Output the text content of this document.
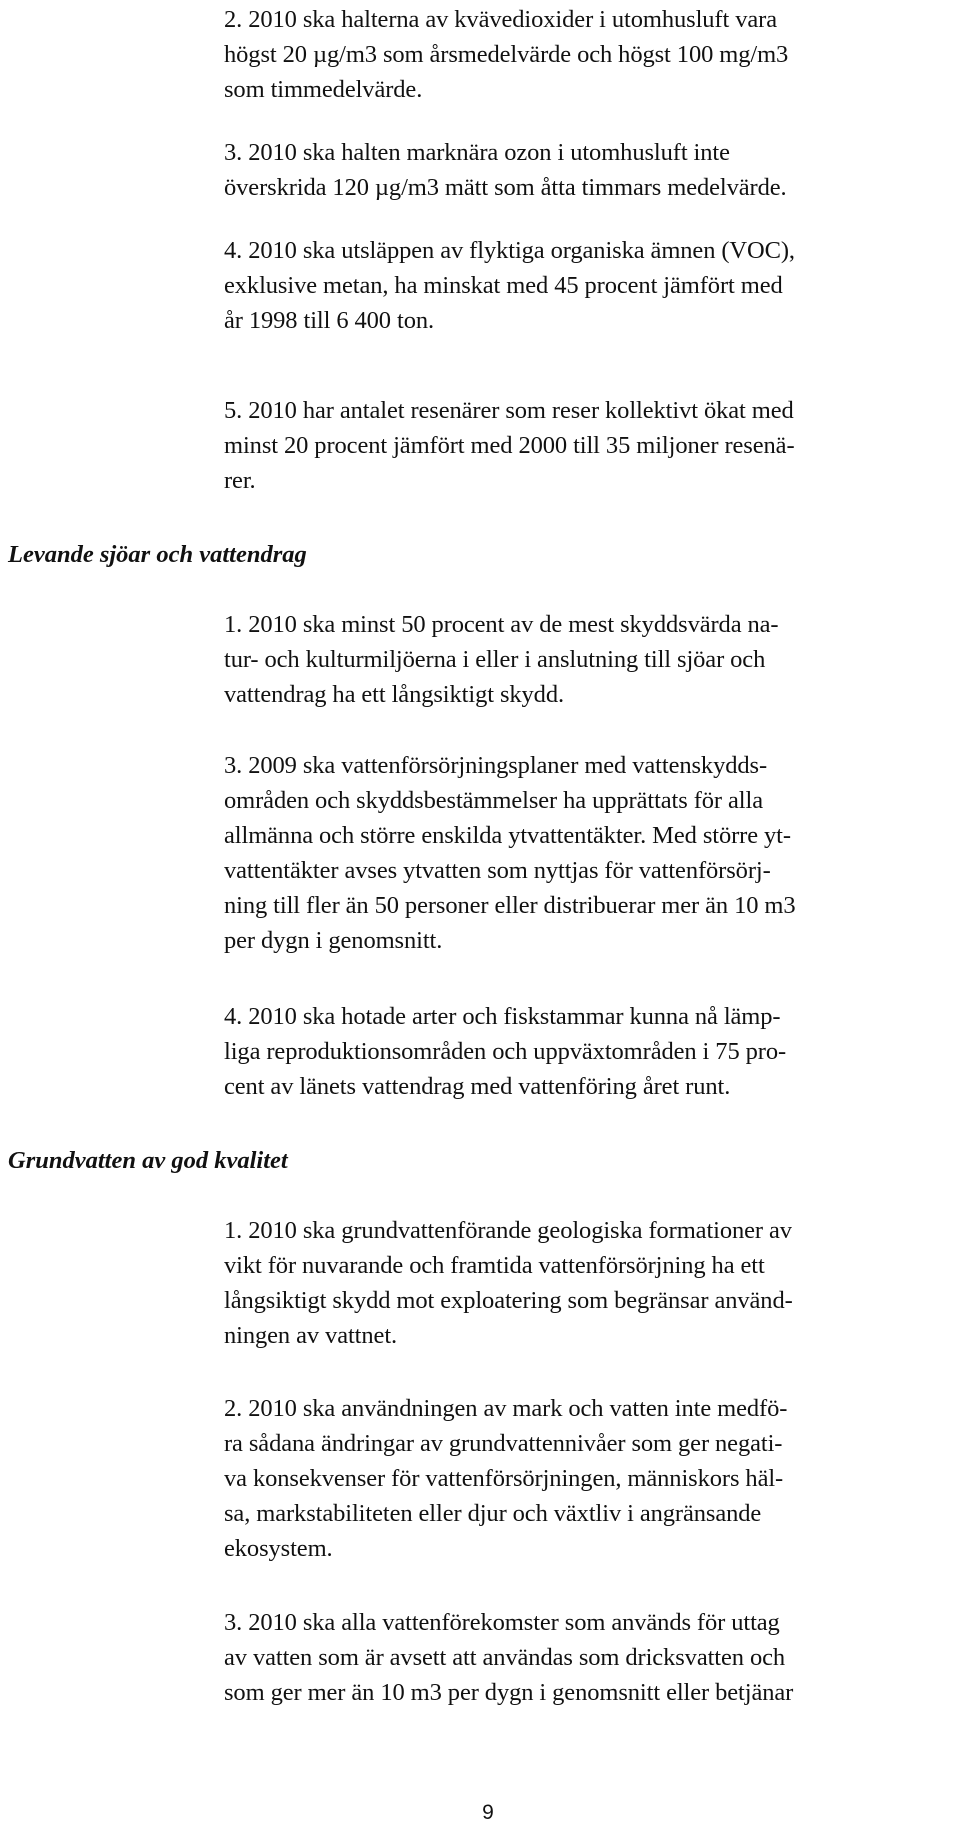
2. 2010 ska halterna av kvävedioxider i utomhusluft vara
högst 20 µg/m3 som årsmedelvärde och högst 100 mg/m3
som timmedelvärde.
3. 2010 ska halten marknära ozon i utomhusluft inte
överskrida 120 µg/m3 mätt som åtta timmars medelvärde.
4. 2010 ska utsläppen av flyktiga organiska ämnen (VOC),
exklusive metan, ha minskat med 45 procent jämfört med
år 1998 till 6 400 ton.
5. 2010 har antalet resenärer som reser kollektivt ökat med
minst 20 procent jämfört med 2000 till 35 miljoner resenä-
rer.
Levande sjöar och vattendrag
1. 2010 ska minst 50 procent av de mest skyddsvärda na-
tur- och kulturmiljöerna i eller i anslutning till sjöar och
vattendrag ha ett långsiktigt skydd.
3. 2009 ska vattenförsörjningsplaner med vattenskydds-
områden och skyddsbestämmelser ha upprättats för alla
allmänna och större enskilda ytvattentäkter. Med större yt-
vattentäkter avses ytvatten som nyttjas för vattenförsörj-
ning till fler än 50 personer eller distribuerar mer än 10 m3
per dygn i genomsnitt.
4. 2010 ska hotade arter och fiskstammar kunna nå lämp-
liga reproduktionsområden och uppväxtområden i 75 pro-
cent av länets vattendrag med vattenföring året runt.
Grundvatten av god kvalitet
1. 2010 ska grundvattenförande geologiska formationer av
vikt för nuvarande och framtida vattenförsörjning ha ett
långsiktigt skydd mot exploatering som begränsar använd-
ningen av vattnet.
2. 2010 ska användningen av mark och vatten inte medfö-
ra sådana ändringar av grundvattennivåer som ger negati-
va konsekvenser för vattenförsörjningen, människors häl-
sa, markstabiliteten eller djur och växtliv i angränsande
ekosystem.
3. 2010 ska alla vattenförekomster som används för uttag
av vatten som är avsett att användas som dricksvatten och
som ger mer än 10 m3 per dygn i genomsnitt eller betjänar
9
